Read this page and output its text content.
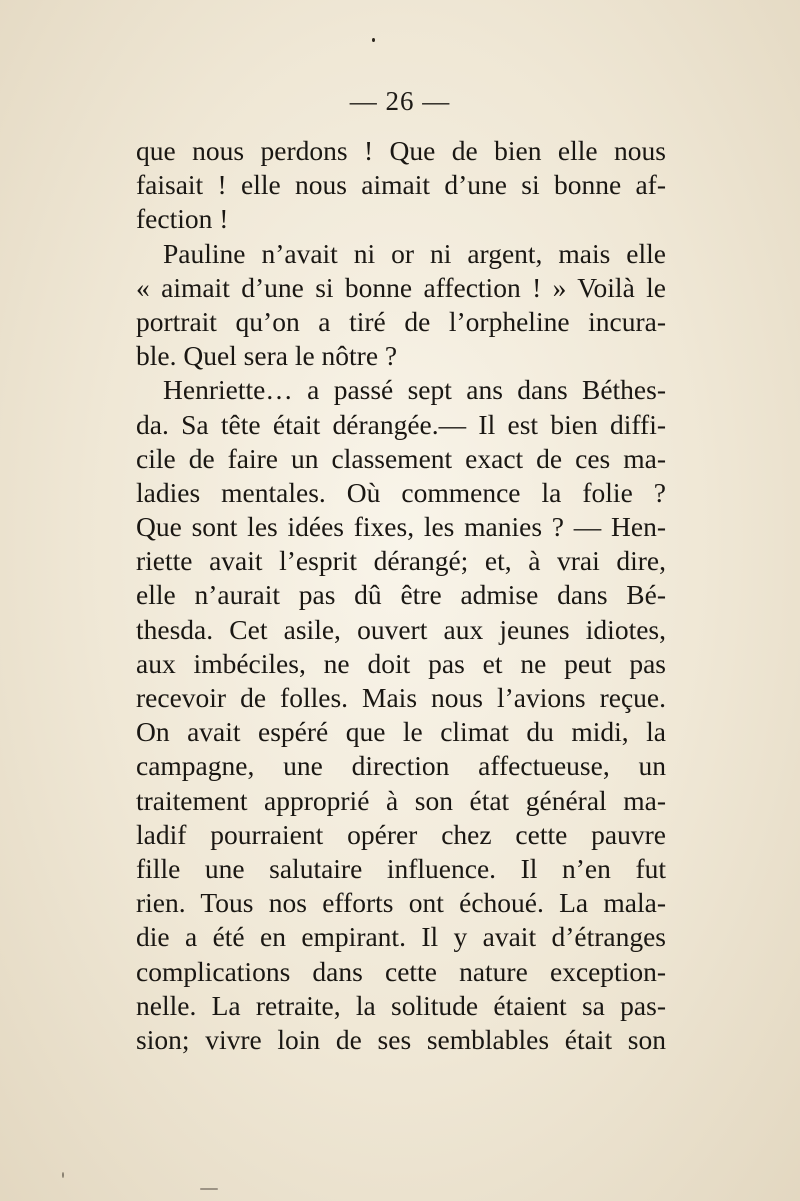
— 26 —
que nous perdons ! Que de bien elle nous
faisait ! elle nous aimait d’une si bonne af-
fection !
Pauline n’avait ni or ni argent, mais elle
« aimait d’une si bonne affection ! » Voilà le
portrait qu’on a tiré de l’orpheline incura-
ble. Quel sera le nôtre ?
Henriette… a passé sept ans dans Béthes-
da. Sa tête était dérangée.— Il est bien diffi-
cile de faire un classement exact de ces ma-
ladies mentales. Où commence la folie ?
Que sont les idées fixes, les manies ? — Hen-
riette avait l’esprit dérangé; et, à vrai dire,
elle n’aurait pas dû être admise dans Bé-
thesda. Cet asile, ouvert aux jeunes idiotes,
aux imbéciles, ne doit pas et ne peut pas
recevoir de folles. Mais nous l’avions reçue.
On avait espéré que le climat du midi, la
campagne, une direction affectueuse, un
traitement approprié à son état général ma-
ladif pourraient opérer chez cette pauvre
fille une salutaire influence. Il n’en fut
rien. Tous nos efforts ont échoué. La mala-
die a été en empirant. Il y avait d’étranges
complications dans cette nature exception-
nelle. La retraite, la solitude étaient sa pas-
sion; vivre loin de ses semblables était son
